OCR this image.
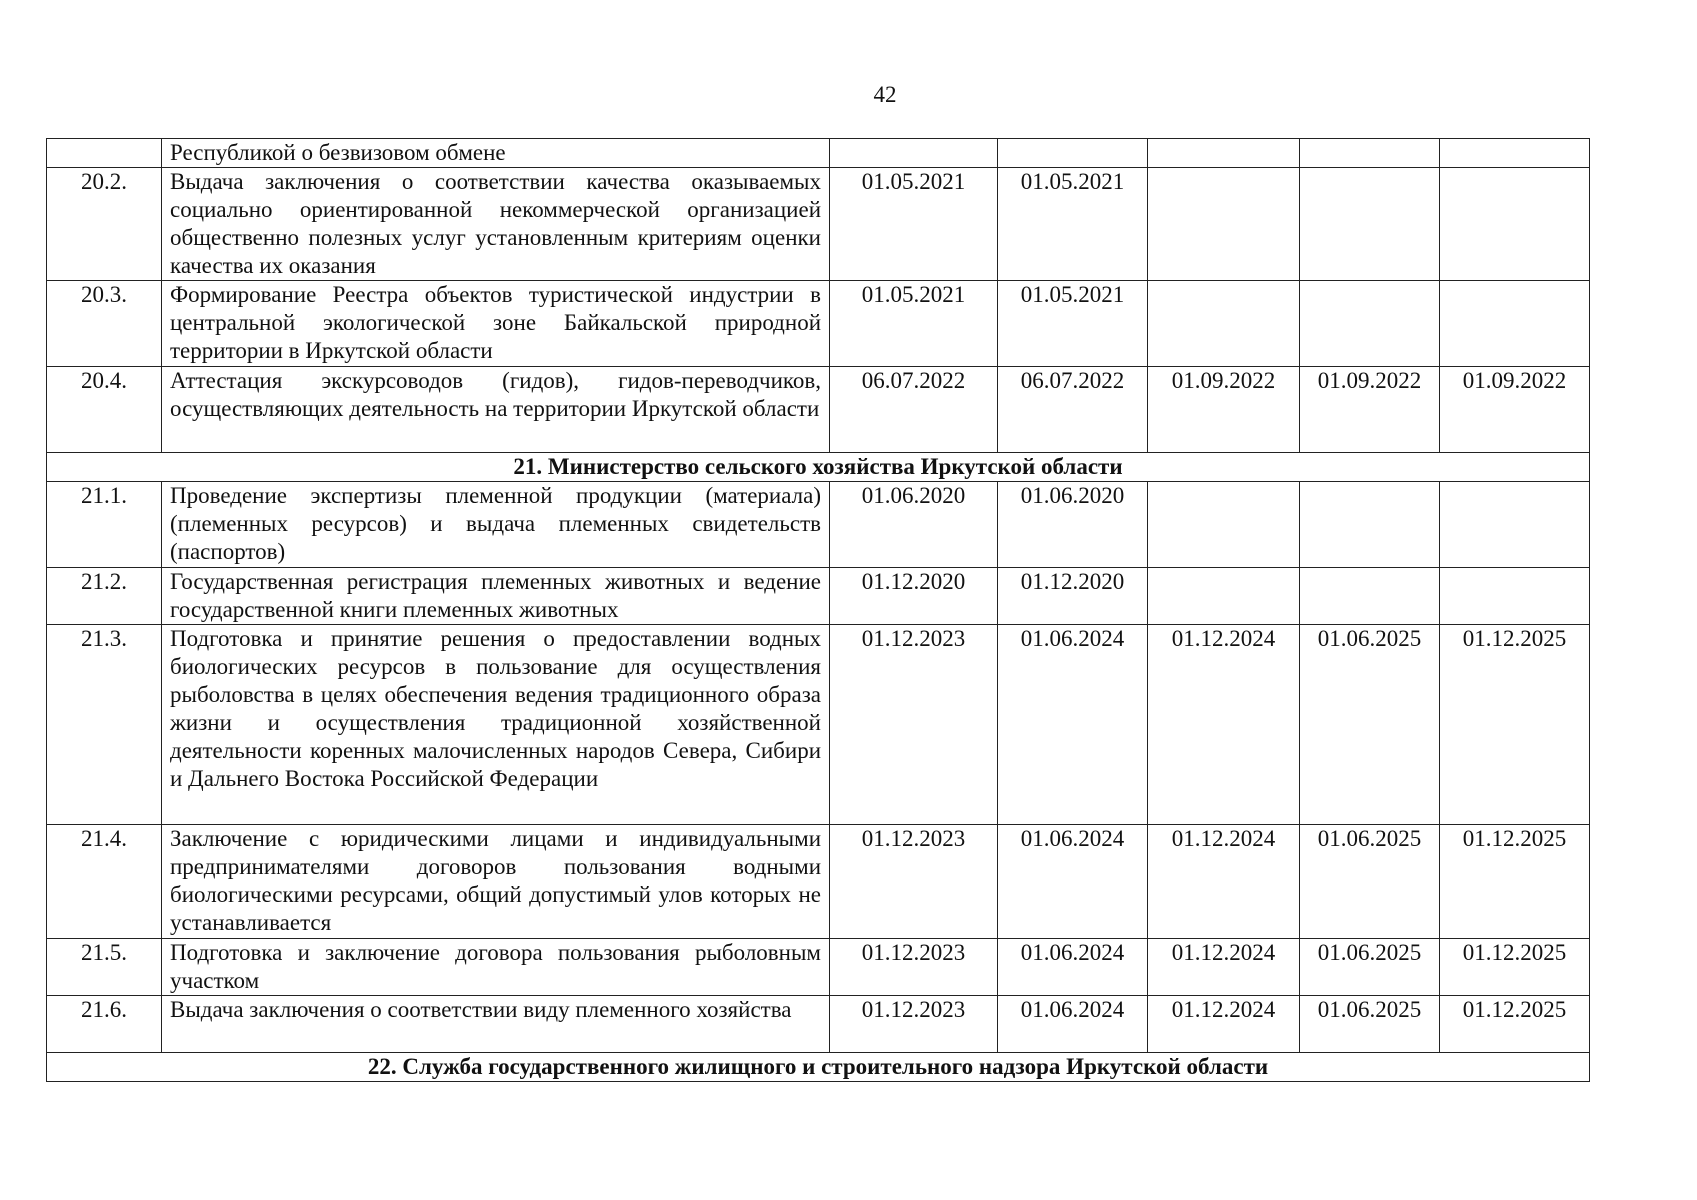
42
	Республикой о безвизовом обмене					
20.2.	Выдача заключения о соответствии качества оказываемых социально ориентированной некоммерческой организацией общественно полезных услуг установленным критериям оценки качества их оказания	01.05.2021	01.05.2021			
20.3.	Формирование Реестра объектов туристической индустрии в центральной экологической зоне Байкальской природной территории в Иркутской области	01.05.2021	01.05.2021			
20.4.	Аттестация экскурсоводов (гидов), гидов-переводчиков, осуществляющих деятельность на территории Иркутской области	06.07.2022	06.07.2022	01.09.2022	01.09.2022	01.09.2022
21. Министерство сельского хозяйства Иркутской области						
21.1.	Проведение экспертизы племенной продукции (материала) (племенных ресурсов) и выдача племенных свидетельств (паспортов)	01.06.2020	01.06.2020			
21.2.	Государственная регистрация племенных животных и ведение государственной книги племенных животных	01.12.2020	01.12.2020			
21.3.	Подготовка и принятие решения о предоставлении водных биологических ресурсов в пользование для осуществления рыболовства в целях обеспечения ведения традиционного образа жизни и осуществления традиционной хозяйственной деятельности коренных малочисленных народов Севера, Сибири и Дальнего Востока Российской Федерации	01.12.2023	01.06.2024	01.12.2024	01.06.2025	01.12.2025
21.4.	Заключение с юридическими лицами и индивидуальными предпринимателями договоров пользования водными биологическими ресурсами, общий допустимый улов которых не устанавливается	01.12.2023	01.06.2024	01.12.2024	01.06.2025	01.12.2025
21.5.	Подготовка и заключение договора пользования рыболовным участком	01.12.2023	01.06.2024	01.12.2024	01.06.2025	01.12.2025
21.6.	Выдача заключения о соответствии виду племенного хозяйства	01.12.2023	01.06.2024	01.12.2024	01.06.2025	01.12.2025
22. Служба государственного жилищного и строительного надзора Иркутской области						
